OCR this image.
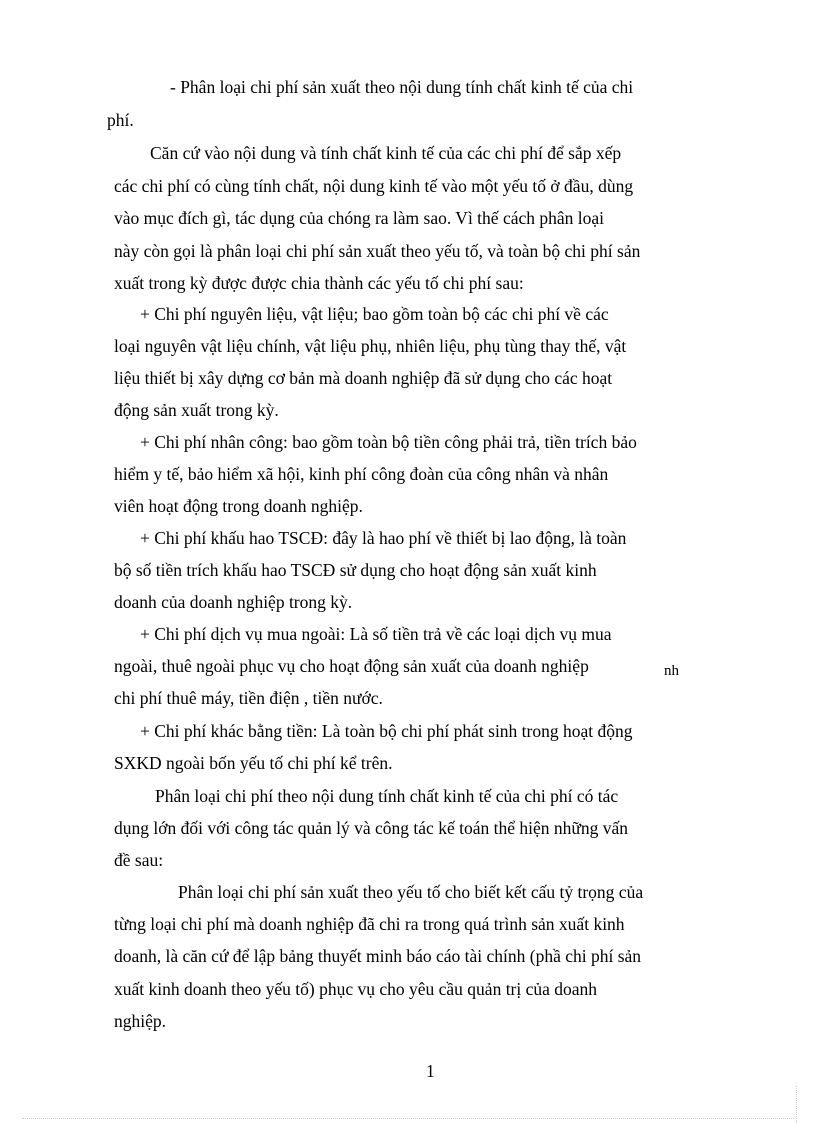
- Phân loại chi phí sản xuất theo nội dung tính chất kinh tế của chi

phí.

Căn cứ vào nội dung và tính chất kinh tế của các chi phí để sắp xếp

các chi phí có cùng tính chất, nội dung kinh tế vào một yếu tố ở đầu, dùng

vào mục đích gì, tác dụng của chóng ra làm sao. Vì thế cách phân loại

này còn gọi là phân loại chi phí sản xuất theo yếu tố, và toàn bộ chi phí sản

xuất trong kỳ được được chia thành các yếu tố chi phí sau:

+ Chi phí nguyên liệu, vật liệu; bao gồm toàn bộ các chi phí về các

loại nguyên vật liệu chính, vật liệu phụ, nhiên liệu, phụ tùng thay thế, vật

liệu thiết bị xây dựng cơ bản mà doanh nghiệp đã sử dụng cho các hoạt

động sản xuất trong kỳ.

+ Chi phí nhân công: bao gồm toàn bộ tiền công phải trả, tiền trích bảo

hiểm y tế, bảo hiểm xã hội, kinh phí công đoàn của công nhân và nhân

viên hoạt động trong doanh nghiệp.

+ Chi phí khấu hao TSCĐ: đây là hao phí về thiết bị lao động, là toàn

bộ số tiền trích khấu hao TSCĐ sử dụng cho hoạt động sản xuất kinh

doanh của doanh nghiệp trong kỳ.

+ Chi phí dịch vụ mua ngoài: Là số tiền trả về các loại dịch vụ mua

ngoài, thuê ngoài phục vụ cho hoạt động sản xuất của doanh nghiệp	nh

chi phí thuê máy, tiền điện , tiền nước.

+ Chi phí khác bằng tiền: Là toàn bộ chi phí phát sinh trong hoạt động

SXKD ngoài bốn yếu tố chi phí kể trên.

Phân loại chi phí theo nội dung tính chất kinh tế của chi phí có tác

dụng lớn đối với công tác quản lý và công tác kế toán thể hiện những vấn

đề sau:

Phân loại chi phí sản xuất theo yếu tố cho biết kết cấu tỷ trọng của

từng loại chi phí mà doanh nghiệp đã chi ra trong quá trình sản xuất kinh

doanh, là căn cứ để lập bảng thuyết minh báo cáo tài chính (phầ chi phí sản

xuất kinh doanh theo yếu tố) phục vụ cho yêu cầu quản trị của doanh

nghiệp.

1
